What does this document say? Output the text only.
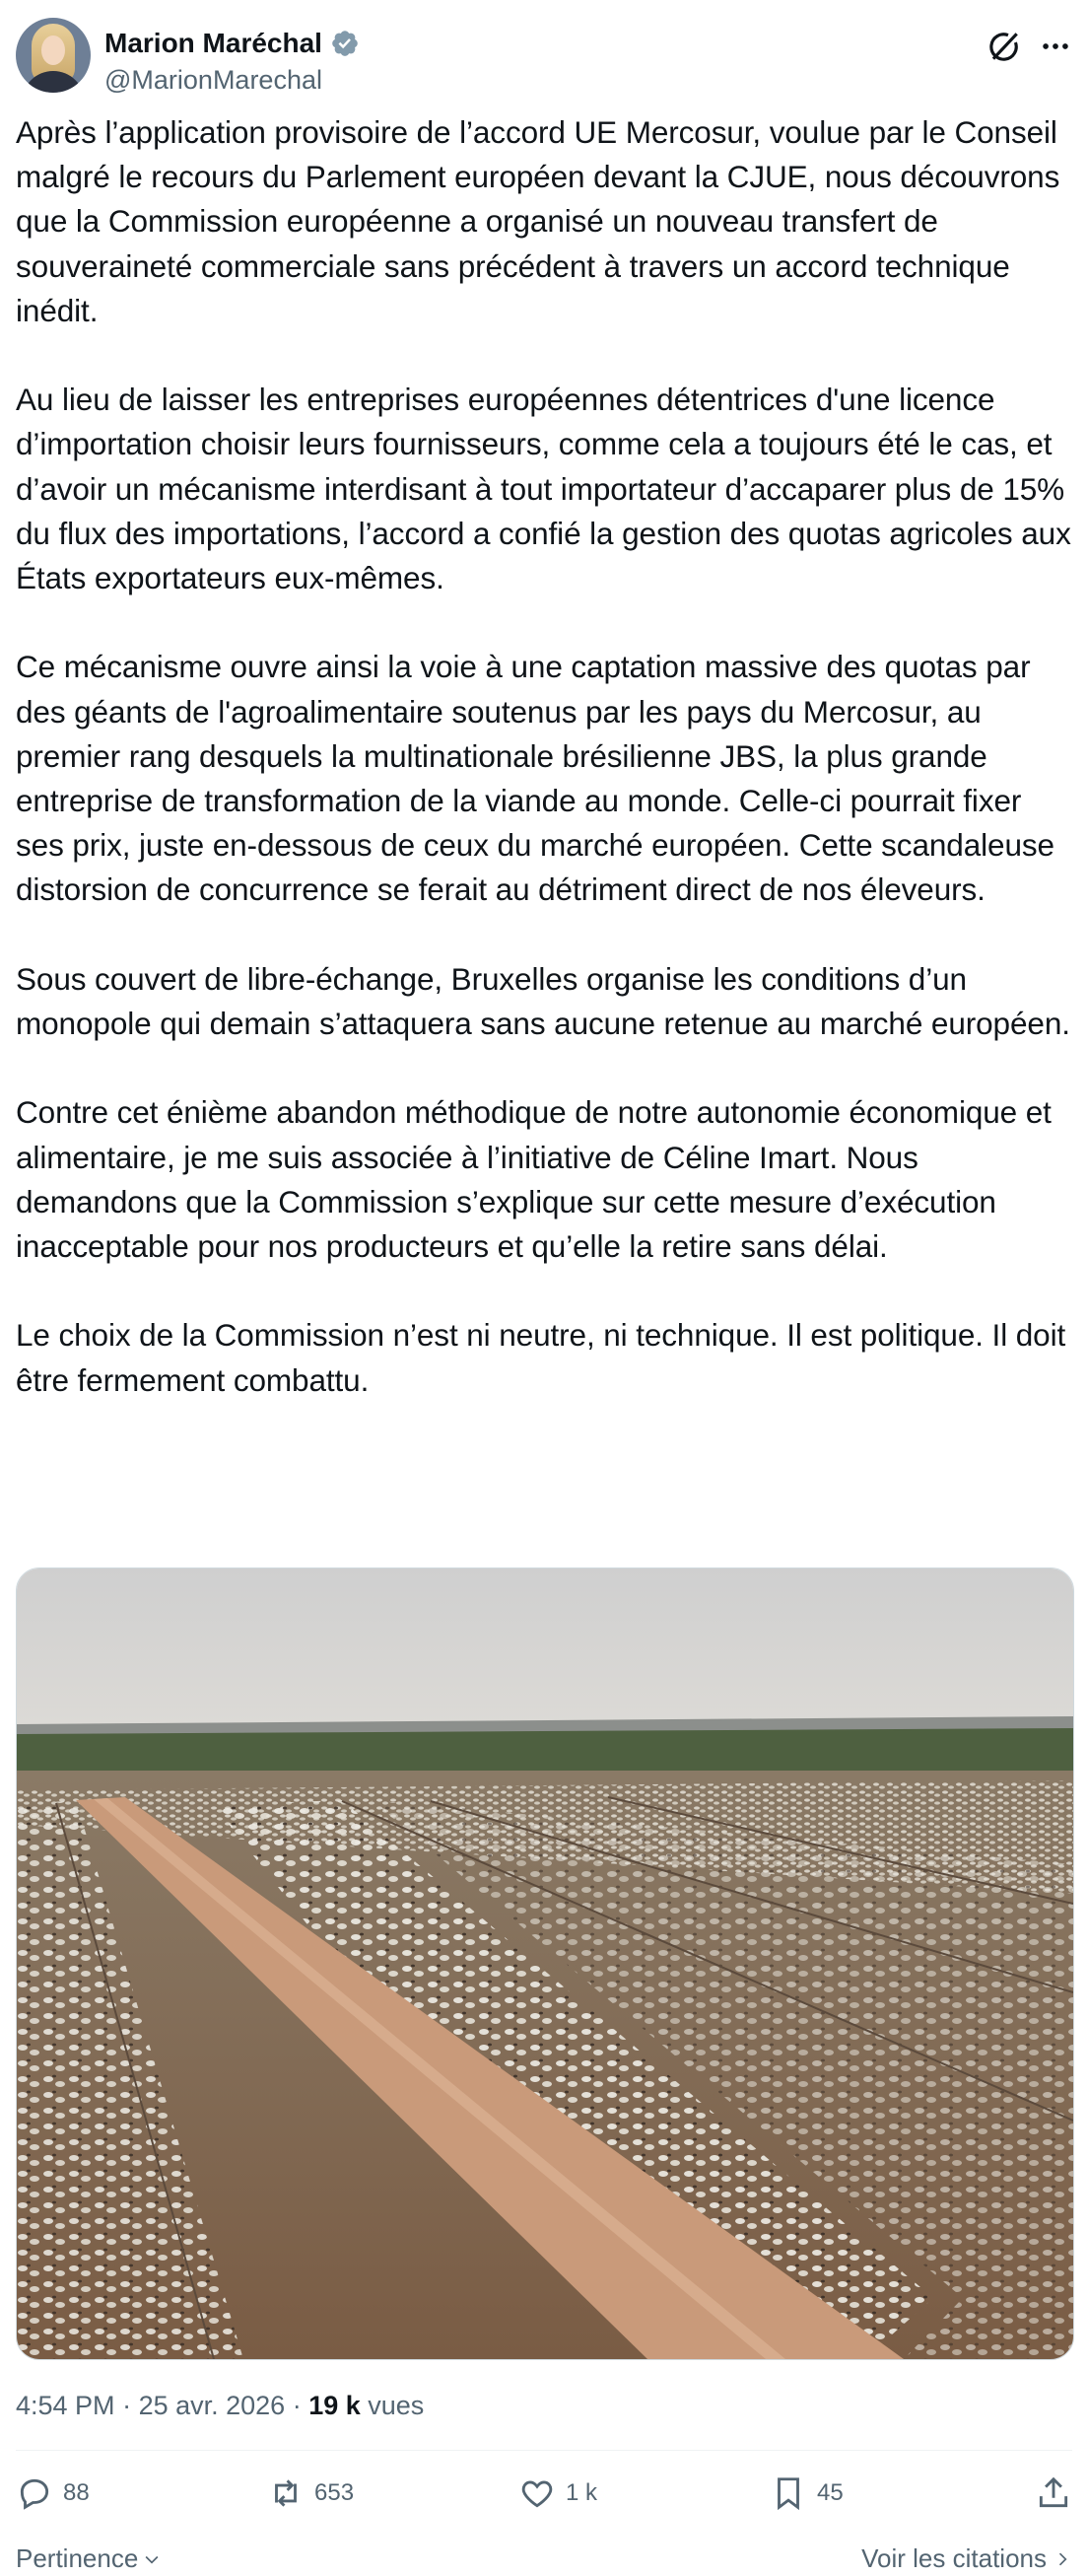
Marion Maréchal
@MarionMarechal

Après l’application provisoire de l’accord UE Mercosur, voulue par le Conseil malgré le recours du Parlement européen devant la CJUE, nous découvrons que la Commission européenne a organisé un nouveau transfert de souveraineté commerciale sans précédent à travers un accord technique inédit.

Au lieu de laisser les entreprises européennes détentrices d'une licence d’importation choisir leurs fournisseurs, comme cela a toujours été le cas, et d’avoir un mécanisme interdisant à tout importateur d’accaparer plus de 15% du flux des importations, l’accord a confié la gestion des quotas agricoles aux États exportateurs eux-mêmes.

Ce mécanisme ouvre ainsi la voie à une captation massive des quotas par des géants de l'agroalimentaire soutenus par les pays du Mercosur, au premier rang desquels la multinationale brésilienne JBS, la plus grande entreprise de transformation de la viande au monde. Celle-ci pourrait fixer ses prix, juste en-dessous de ceux du marché européen. Cette scandaleuse distorsion de concurrence se ferait au détriment direct de nos éleveurs.

Sous couvert de libre-échange, Bruxelles organise les conditions d’un monopole qui demain s’attaquera sans aucune retenue au marché européen.

Contre cet énième abandon méthodique de notre autonomie économique et alimentaire, je me suis associée à l’initiative de Céline Imart. Nous demandons que la Commission s’explique sur cette mesure d’exécution inacceptable pour nos producteurs et qu’elle la retire sans délai.

Le choix de la Commission n’est ni neutre, ni technique. Il est politique. Il doit être fermement combattu.

4:54 PM · 25 avr. 2026 · 19 k vues
88	653	1 k	45
Pertinence	Voir les citations
